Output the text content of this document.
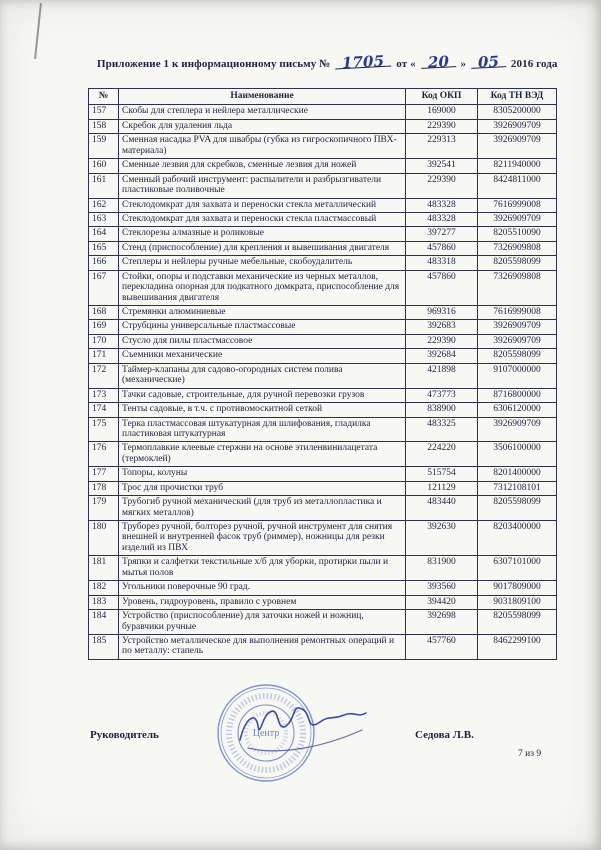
Приложение 1 к информационному письму № 1705 от « 20 » 05 2016 года
№	Наименование	Код ОКП	Код ТН ВЭД
157	Скобы для степлера и нейлера металлические	169000	8305200000
158	Скребок для удаления льда	229390	3926909709
159	Сменная насадка PVA для швабры (губка из гигроскопичного ПВХ-материала)	229313	3926909709
160	Сменные лезвия для скребков, сменные лезвия для ножей	392541	8211940000
161	Сменный рабочий инструмент: распылители и разбрызгиватели пластиковые поливочные	229390	8424811000
162	Стеклодомкрат для захвата и переноски стекла металлический	483328	7616999008
163	Стеклодомкрат для захвата и переноски стекла пластмассовый	483328	3926909709
164	Стеклорезы алмазные и роликовые	397277	8205510090
165	Стенд (приспособление) для крепления и вывешивания двигателя	457860	7326909808
166	Степлеры и нейлеры ручные мебельные, скобоудалитель	483318	8205598099
167	Стойки, опоры и подставки механические из черных металлов, перекладина опорная для подкатного домкрата, приспособление для вывешивания двигателя	457860	7326909808
168	Стремянки алюминиевые	969316	7616999008
169	Струбцины универсальные пластмассовые	392683	3926909709
170	Стусло для пилы пластмассовое	229390	3926909709
171	Съемники механические	392684	8205598099
172	Таймер-клапаны для садово-огородных систем полива (механические)	421898	9107000000
173	Тачки садовые, строительные, для ручной перевозки грузов	473773	8716800000
174	Тенты садовые, в т.ч. с противомоскитной сеткой	838900	6306120000
175	Терка пластмассовая штукатурная для шлифования, гладилка пластиковая штукатурная	483325	3926909709
176	Термоплавкие клеевые стержни на основе этиленвинилацетата (термоклей)	224220	3506100000
177	Топоры, колуны	515754	8201400000
178	Трос для прочистки труб	121129	7312108101
179	Трубогиб ручной механический (для труб из металлопластика и мягких металлов)	483440	8205598099
180	Труборез ручной, болторез ручной, ручной инструмент для снятия внешней и внутренней фасок труб (риммер), ножницы для резки изделий из ПВХ	392630	8203400000
181	Тряпки и салфетки текстильные х/б для уборки, протирки пыли и мытья полов	831900	6307101000
182	Угольники поверочные 90 град.	393560	9017809000
183	Уровень, гидроуровень, правило с уровнем	394420	9031809100
184	Устройство (приспособление) для заточки ножей и ножниц, буравчики ручные	392698	8205598099
185	Устройство металлическое для выполнения ремонтных операций и по металлу: стапель	457760	8462299100
Руководитель	Седова Л.В.
Центр
7 из 9
